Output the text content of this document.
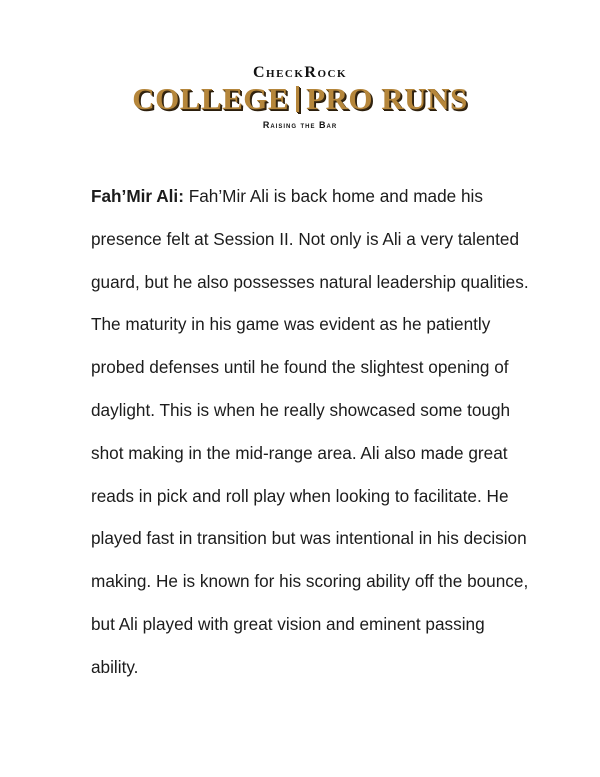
CheckRock
COLLEGE PRO RUNS
Raising the Bar

Fah’Mir Ali: Fah’Mir Ali is back home and made his presence felt at Session II. Not only is Ali a very talented guard, but he also possesses natural leadership qualities. The maturity in his game was evident as he patiently probed defenses until he found the slightest opening of daylight. This is when he really showcased some tough shot making in the mid-range area. Ali also made great reads in pick and roll play when looking to facilitate. He played fast in transition but was intentional in his decision making. He is known for his scoring ability off the bounce, but Ali played with great vision and eminent passing ability.
